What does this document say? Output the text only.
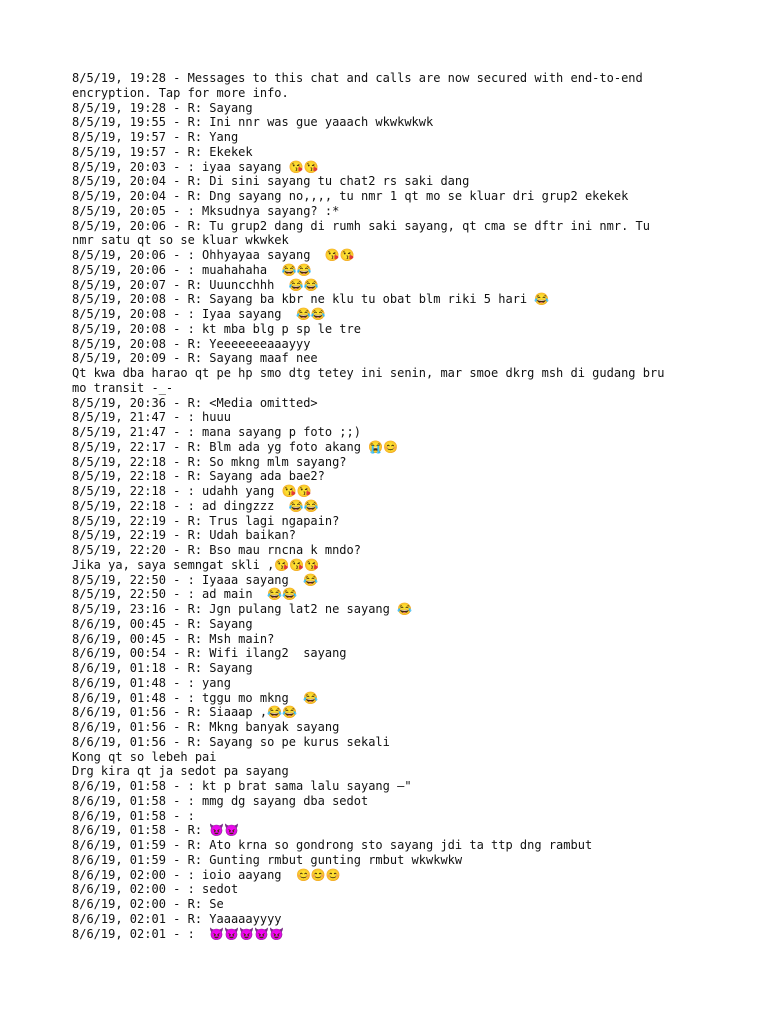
8/5/19, 19:28 - Messages to this chat and calls are now secured with end-to-end

encryption. Tap for more info.

8/5/19, 19:28 - R: Sayang

8/5/19, 19:55 - R: Ini nnr was gue yaaach wkwkwkwk

8/5/19, 19:57 - R: Yang

8/5/19, 19:57 - R: Ekekek

8/5/19, 20:03 - : iyaa sayang 😘😘

8/5/19, 20:04 - R: Di sini sayang tu chat2 rs saki dang

8/5/19, 20:04 - R: Dng sayang no,,,, tu nmr 1 qt mo se kluar dri grup2 ekekek

8/5/19, 20:05 - : Mksudnya sayang? :*

8/5/19, 20:06 - R: Tu grup2 dang di rumh saki sayang, qt cma se dftr ini nmr. Tu

nmr satu qt so se kluar wkwkek

8/5/19, 20:06 - : Ohhyayaa sayang  😘😘

8/5/19, 20:06 - : muahahaha  😂😂

8/5/19, 20:07 - R: Uuuncchhh  😂😂

8/5/19, 20:08 - R: Sayang ba kbr ne klu tu obat blm riki 5 hari 😂

8/5/19, 20:08 - : Iyaa sayang  😂😂

8/5/19, 20:08 - : kt mba blg p sp le tre

8/5/19, 20:08 - R: Yeeeeeeeaaayyy

8/5/19, 20:09 - R: Sayang maaf nee

Qt kwa dba harao qt pe hp smo dtg tetey ini senin, mar smoe dkrg msh di gudang bru

mo transit -_-

8/5/19, 20:36 - R: <Media omitted>

8/5/19, 21:47 - : huuu

8/5/19, 21:47 - : mana sayang p foto ;;)

8/5/19, 22:17 - R: Blm ada yg foto akang 😭😊

8/5/19, 22:18 - R: So mkng mlm sayang?

8/5/19, 22:18 - R: Sayang ada bae2?

8/5/19, 22:18 - : udahh yang 😘😘

8/5/19, 22:18 - : ad dingzzz  😂😂

8/5/19, 22:19 - R: Trus lagi ngapain?

8/5/19, 22:19 - R: Udah baikan?

8/5/19, 22:20 - R: Bso mau rncna k mndo?

Jika ya, saya semngat skli ,😘😘😘

8/5/19, 22:50 - : Iyaaa sayang  😂

8/5/19, 22:50 - : ad main  😂😂

8/5/19, 23:16 - R: Jgn pulang lat2 ne sayang 😂

8/6/19, 00:45 - R: Sayang

8/6/19, 00:45 - R: Msh main?

8/6/19, 00:54 - R: Wifi ilang2  sayang

8/6/19, 01:18 - R: Sayang

8/6/19, 01:48 - : yang

8/6/19, 01:48 - : tggu mo mkng  😂

8/6/19, 01:56 - R: Siaaap ,😂😂

8/6/19, 01:56 - R: Mkng banyak sayang

8/6/19, 01:56 - R: Sayang so pe kurus sekali

Kong qt so lebeh pai

Drg kira qt ja sedot pa sayang

8/6/19, 01:58 - : kt p brat sama lalu sayang —"

8/6/19, 01:58 - : mmg dg sayang dba sedot

8/6/19, 01:58 - :

8/6/19, 01:58 - R: 😈😈

8/6/19, 01:59 - R: Ato krna so gondrong sto sayang jdi ta ttp dng rambut

8/6/19, 01:59 - R: Gunting rmbut gunting rmbut wkwkwkw

8/6/19, 02:00 - : ioio aayang  😊😊😊

8/6/19, 02:00 - : sedot

8/6/19, 02:00 - R: Se

8/6/19, 02:01 - R: Yaaaaayyyy

8/6/19, 02:01 - :  😈😈😈😈😈
